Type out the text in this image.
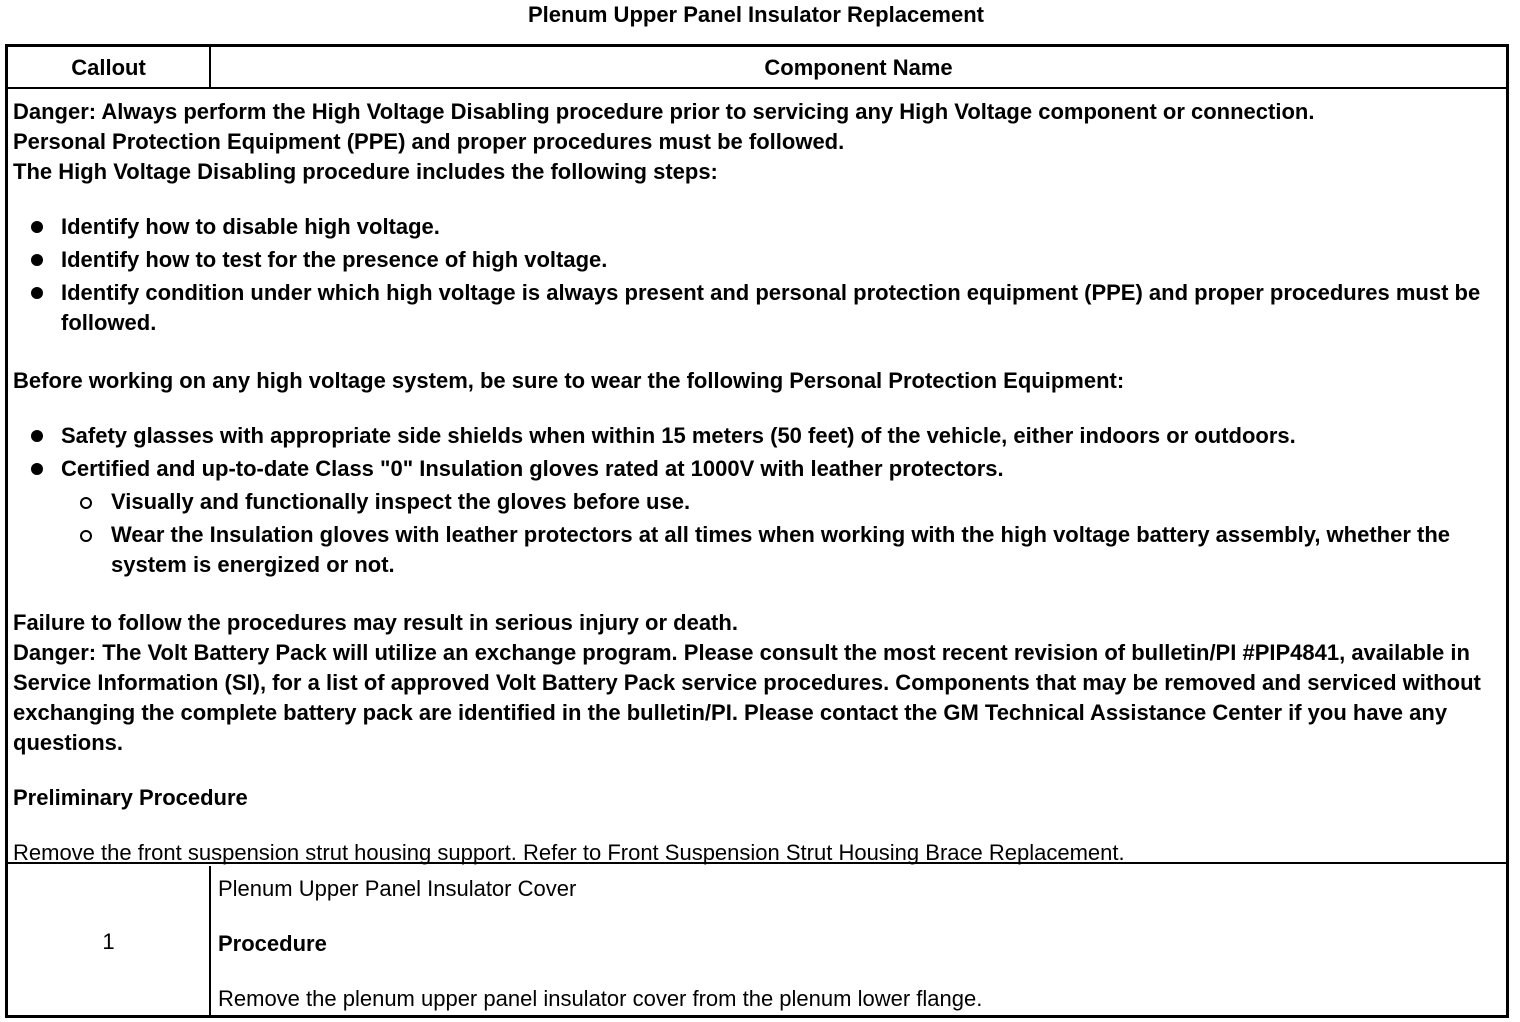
Plenum Upper Panel Insulator Replacement
Callout	Component Name

Danger: Always perform the High Voltage Disabling procedure prior to servicing any High Voltage component or connection.

Personal Protection Equipment (PPE) and proper procedures must be followed.

The High Voltage Disabling procedure includes the following steps:

Identify how to disable high voltage.
Identify how to test for the presence of high voltage.
Identify condition under which high voltage is always present and personal protection equipment (PPE) and proper procedures must be followed.

Before working on any high voltage system, be sure to wear the following Personal Protection Equipment:

Safety glasses with appropriate side shields when within 15 meters (50 feet) of the vehicle, either indoors or outdoors.
Certified and up-to-date Class "0" Insulation gloves rated at 1000V with leather protectors.
Visually and functionally inspect the gloves before use.
Wear the Insulation gloves with leather protectors at all times when working with the high voltage battery assembly, whether the system is energized or not.

Failure to follow the procedures may result in serious injury or death.

Danger: The Volt Battery Pack will utilize an exchange program. Please consult the most recent revision of bulletin/PI #PIP4841, available in Service Information (SI), for a list of approved Volt Battery Pack service procedures. Components that may be removed and serviced without exchanging the complete battery pack are identified in the bulletin/PI. Please contact the GM Technical Assistance Center if you have any questions.

Preliminary Procedure

Remove the front suspension strut housing support. Refer to Front Suspension Strut Housing Brace Replacement.

1

Plenum Upper Panel Insulator Cover

Procedure

Remove the plenum upper panel insulator cover from the plenum lower flange.
